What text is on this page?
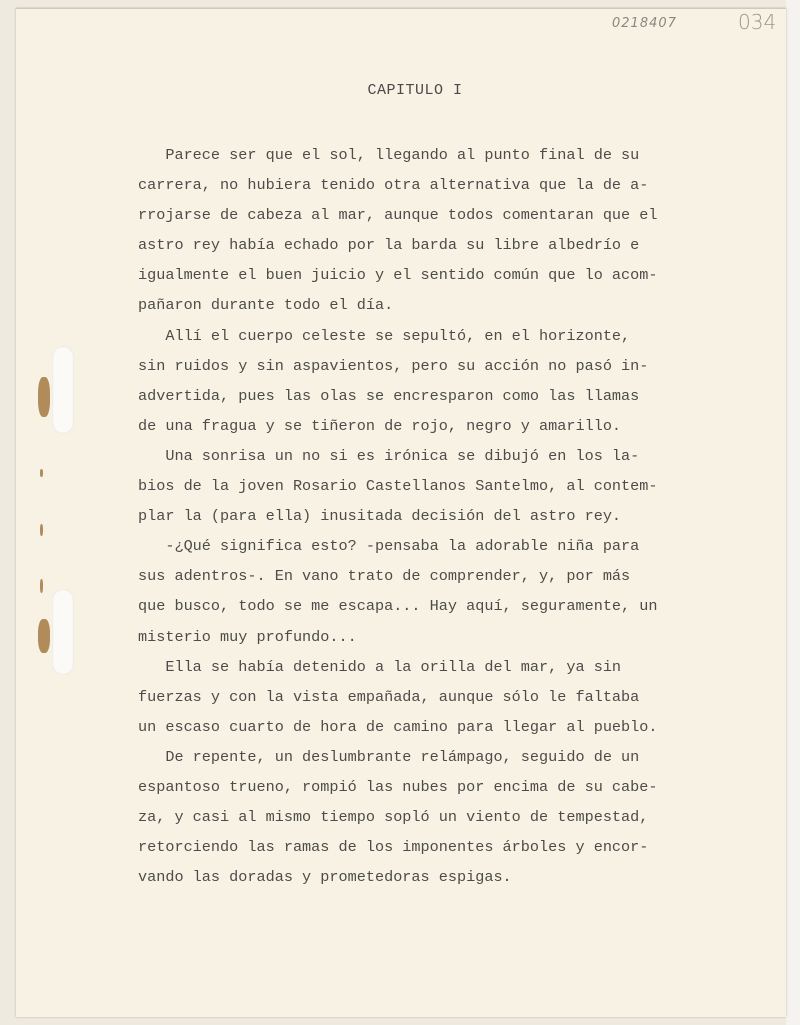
0218407	034
CAPITULO I
Parece ser que el sol, llegando al punto final de su
carrera, no hubiera tenido otra alternativa que la de a-
rrojarse de cabeza al mar, aunque todos comentaran que el
astro rey había echado por la barda su libre albedrío e
igualmente el buen juicio y el sentido común que lo acom-
pañaron durante todo el día.
Allí el cuerpo celeste se sepultó, en el horizonte,
sin ruidos y sin aspavientos, pero su acción no pasó in-
advertida, pues las olas se encresparon como las llamas
de una fragua y se tiñeron de rojo, negro y amarillo.
Una sonrisa un no si es irónica se dibujó en los la-
bios de la joven Rosario Castellanos Santelmo, al contem-
plar la (para ella) inusitada decisión del astro rey.
-¿Qué significa esto? -pensaba la adorable niña para
sus adentros-. En vano trato de comprender, y, por más
que busco, todo se me escapa... Hay aquí, seguramente, un
misterio muy profundo...
Ella se había detenido a la orilla del mar, ya sin
fuerzas y con la vista empañada, aunque sólo le faltaba
un escaso cuarto de hora de camino para llegar al pueblo.
De repente, un deslumbrante relámpago, seguido de un
espantoso trueno, rompió las nubes por encima de su cabe-
za, y casi al mismo tiempo sopló un viento de tempestad,
retorciendo las ramas de los imponentes árboles y encor-
vando las doradas y prometedoras espigas.
